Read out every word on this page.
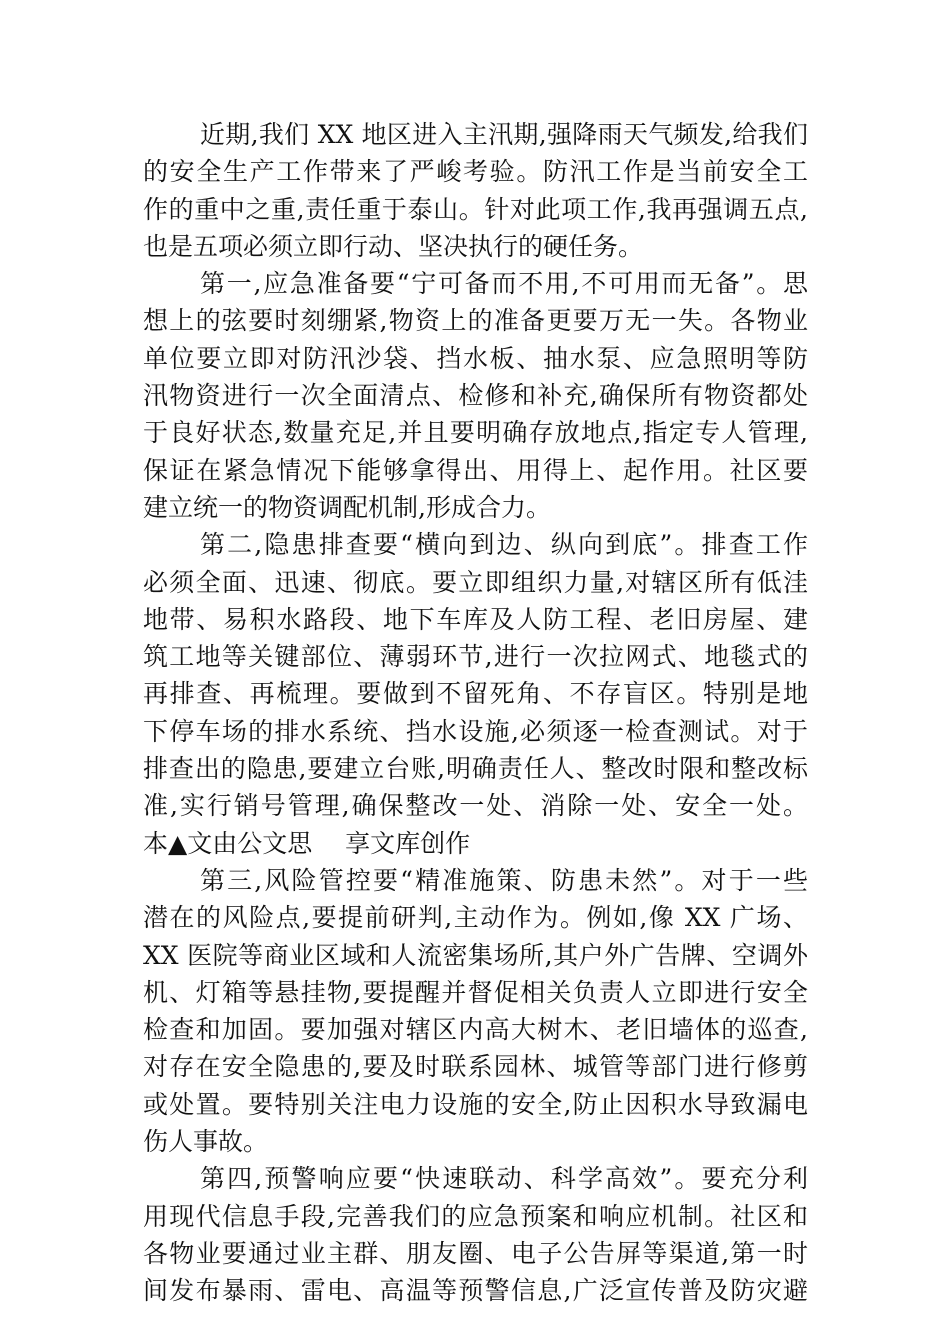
近期,我们 XX 地区进入主汛期,强降雨天气频发,给我们
的安全生产工作带来了严峻考验。防汛工作是当前安全工
作的重中之重,责任重于泰山。针对此项工作,我再强调五点,
也是五项必须立即行动、坚决执行的硬任务。
第一,应急准备要“宁可备而不用,不可用而无备”。思
想上的弦要时刻绷紧,物资上的准备更要万无一失。各物业
单位要立即对防汛沙袋、挡水板、抽水泵、应急照明等防
汛物资进行一次全面清点、检修和补充,确保所有物资都处
于良好状态,数量充足,并且要明确存放地点,指定专人管理,
保证在紧急情况下能够拿得出、用得上、起作用。社区要
建立统一的物资调配机制,形成合力。
第二,隐患排查要“横向到边、纵向到底”。排查工作
必须全面、迅速、彻底。要立即组织力量,对辖区所有低洼
地带、易积水路段、地下车库及人防工程、老旧房屋、建
筑工地等关键部位、薄弱环节,进行一次拉网式、地毯式的
再排查、再梳理。要做到不留死角、不存盲区。特别是地
下停车场的排水系统、挡水设施,必须逐一检查测试。对于
排查出的隐患,要建立台账,明确责任人、整改时限和整改标
准,实行销号管理,确保整改一处、消除一处、安全一处。
本▲文由公文思　 享文库创作
第三,风险管控要“精准施策、防患未然”。对于一些
潜在的风险点,要提前研判,主动作为。例如,像 XX 广场、
XX 医院等商业区域和人流密集场所,其户外广告牌、空调外
机、灯箱等悬挂物,要提醒并督促相关负责人立即进行安全
检查和加固。要加强对辖区内高大树木、老旧墙体的巡查,
对存在安全隐患的,要及时联系园林、城管等部门进行修剪
或处置。要特别关注电力设施的安全,防止因积水导致漏电
伤人事故。
第四,预警响应要“快速联动、科学高效”。要充分利
用现代信息手段,完善我们的应急预案和响应机制。社区和
各物业要通过业主群、朋友圈、电子公告屏等渠道,第一时
间发布暴雨、雷电、高温等预警信息,广泛宣传普及防灾避
